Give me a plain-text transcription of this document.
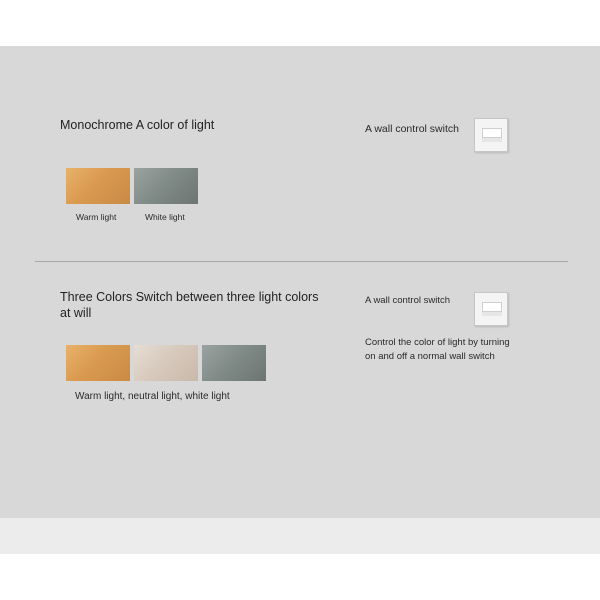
Monochrome A color of light
Warm light	White light
A wall control switch
Three Colors Switch between three light colors at will
Warm light, neutral light, white light
A wall control switch
Control the color of light by turning on and off a normal wall switch
